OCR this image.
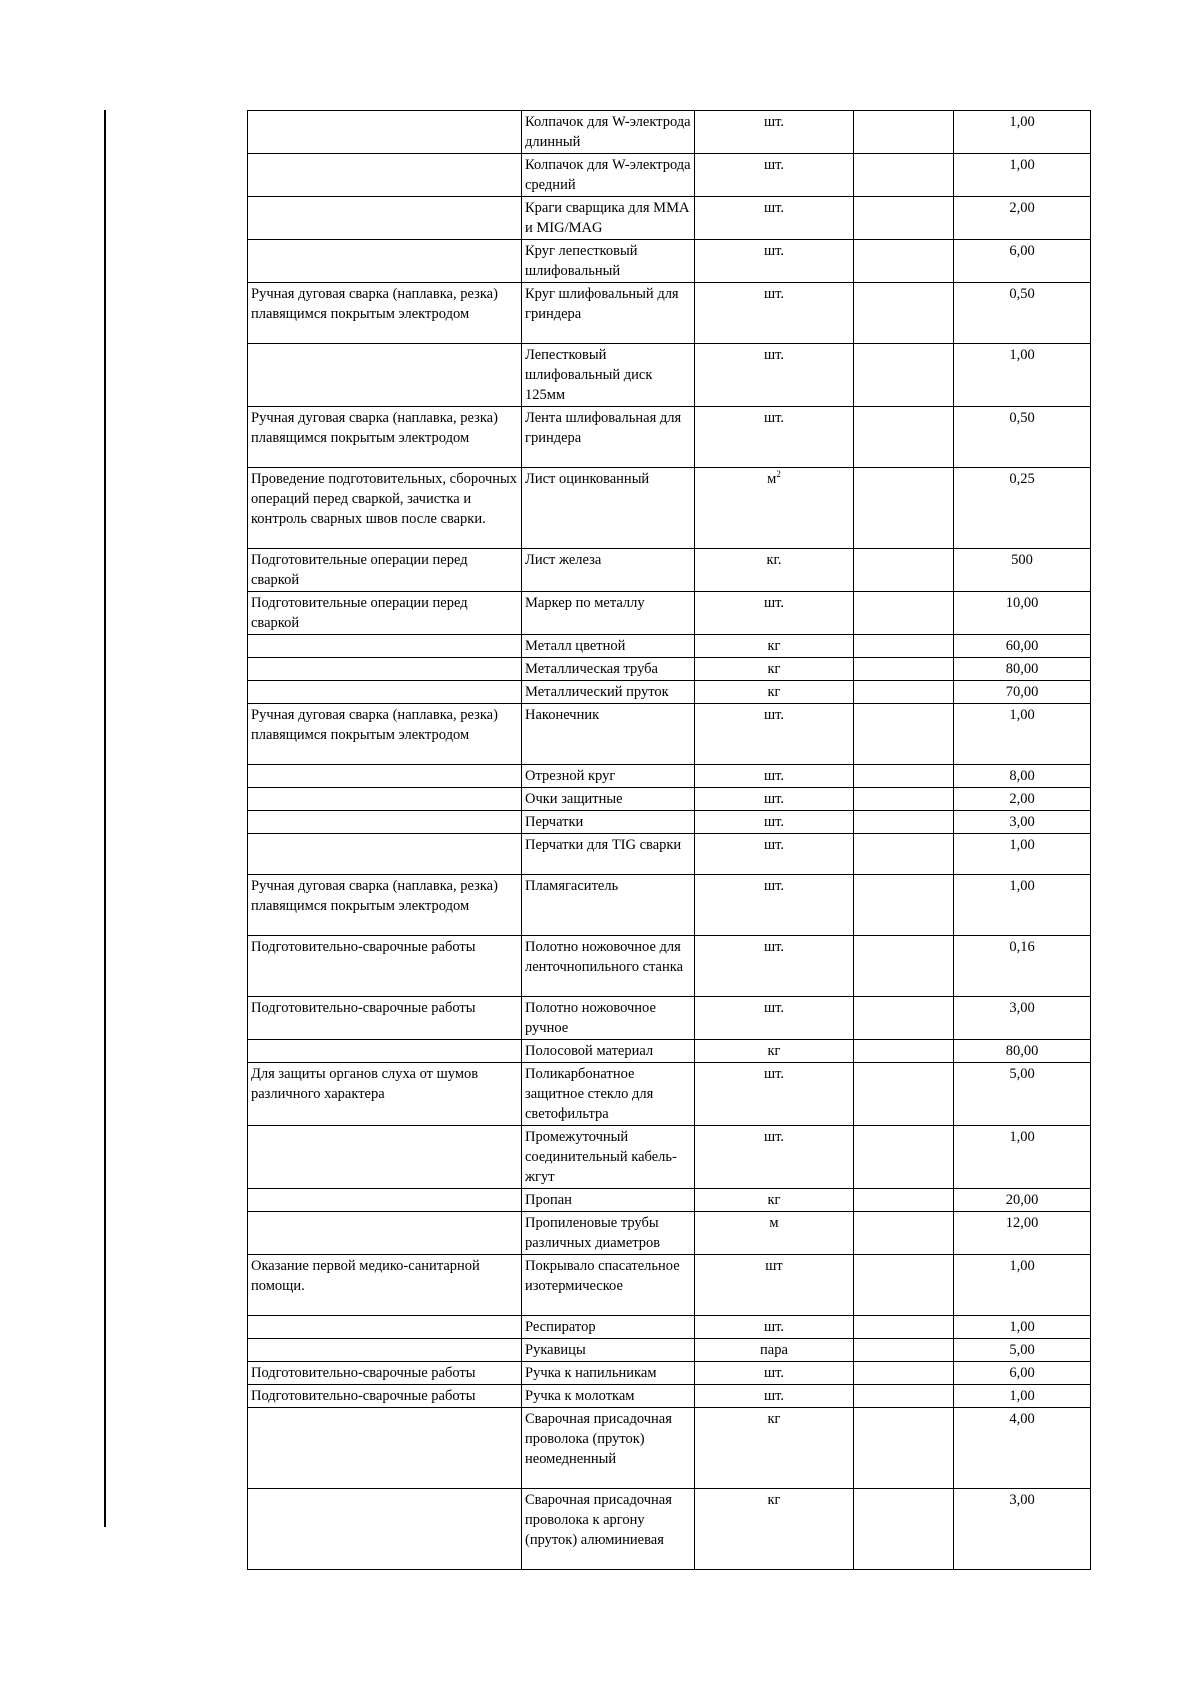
	Колпачок для W-электрода длинный	шт.		1,00
	Колпачок для W-электрода средний	шт.		1,00
	Краги сварщика для MMA и MIG/MAG	шт.		2,00
	Круг лепестковый шлифовальный	шт.		6,00
Ручная дуговая сварка (наплавка, резка) плавящимся покрытым электродом	Круг шлифовальный для гриндера	шт.		0,50
	Лепестковый шлифовальный диск 125мм	шт.		1,00
Ручная дуговая сварка (наплавка, резка) плавящимся покрытым электродом	Лента шлифовальная для гриндера	шт.		0,50
Проведение подготовительных, сборочных операций перед сваркой, зачистка и контроль сварных швов после сварки.	Лист оцинкованный	$м^2$		0,25
Подготовительные операции перед сваркой	Лист железа	кг.		500
Подготовительные операции перед сваркой	Маркер по металлу	шт.		10,00
	Металл цветной	кг		60,00
	Металлическая труба	кг		80,00
	Металлический пруток	кг		70,00
Ручная дуговая сварка (наплавка, резка) плавящимся покрытым электродом	Наконечник	шт.		1,00
	Отрезной круг	шт.		8,00
	Очки защитные	шт.		2,00
	Перчатки	шт.		3,00
	Перчатки для TIG сварки	шт.		1,00
Ручная дуговая сварка (наплавка, резка) плавящимся покрытым электродом	Пламягаситель	шт.		1,00
Подготовительно-сварочные работы	Полотно ножовочное для ленточнопильного станка	шт.		0,16
Подготовительно-сварочные работы	Полотно ножовочное ручное	шт.		3,00
	Полосовой материал	кг		80,00
Для защиты органов слуха от шумов различного характера	Поликарбонатное защитное стекло для светофильтра	шт.		5,00
	Промежуточный соединительный кабель-жгут	шт.		1,00
	Пропан	кг		20,00
	Пропиленовые трубы различных диаметров	м		12,00
Оказание первой медико-санитарной помощи.	Покрывало спасательное изотермическое	шт		1,00
	Респиратор	шт.		1,00
	Рукавицы	пара		5,00
Подготовительно-сварочные работы	Ручка к напильникам	шт.		6,00
Подготовительно-сварочные работы	Ручка к молоткам	шт.		1,00
	Сварочная присадочная проволока (пруток) неомедненный	кг		4,00
	Сварочная присадочная проволока к аргону (пруток) алюминиевая	кг		3,00
